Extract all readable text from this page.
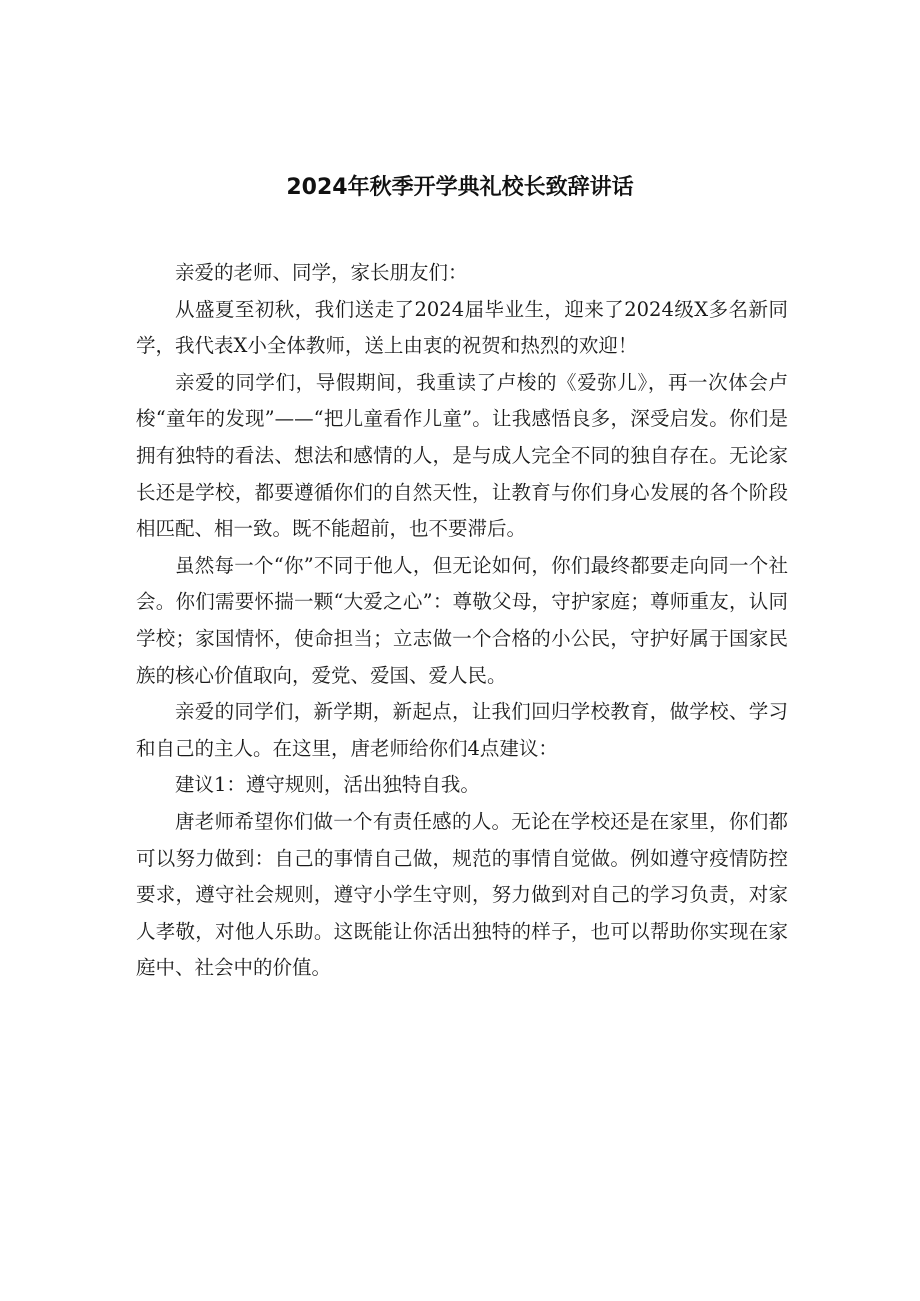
2024年秋季开学典礼校长致辞讲话

亲爱的老师、同学，家长朋友们：

从盛夏至初秋，我们送走了2024届毕业生，迎来了2024级X多名新同学，我代表X小全体教师，送上由衷的祝贺和热烈的欢迎！

亲爱的同学们，导假期间，我重读了卢梭的《爱弥儿》，再一次体会卢梭“童年的发现”——“把儿童看作儿童”。让我感悟良多，深受启发。你们是拥有独特的看法、想法和感情的人，是与成人完全不同的独自存在。无论家长还是学校，都要遵循你们的自然天性，让教育与你们身心发展的各个阶段相匹配、相一致。既不能超前，也不要滞后。

虽然每一个“你”不同于他人，但无论如何，你们最终都要走向同一个社会。你们需要怀揣一颗“大爱之心”：尊敬父母，守护家庭；尊师重友，认同学校；家国情怀，使命担当；立志做一个合格的小公民，守护好属于国家民族的核心价值取向，爱党、爱国、爱人民。

亲爱的同学们，新学期，新起点，让我们回归学校教育，做学校、学习和自己的主人。在这里，唐老师给你们4点建议：

建议1：遵守规则，活出独特自我。

唐老师希望你们做一个有责任感的人。无论在学校还是在家里，你们都可以努力做到：自己的事情自己做，规范的事情自觉做。例如遵守疫情防控要求，遵守社会规则，遵守小学生守则，努力做到对自己的学习负责，对家人孝敬，对他人乐助。这既能让你活出独特的样子，也可以帮助你实现在家庭中、社会中的价值。
